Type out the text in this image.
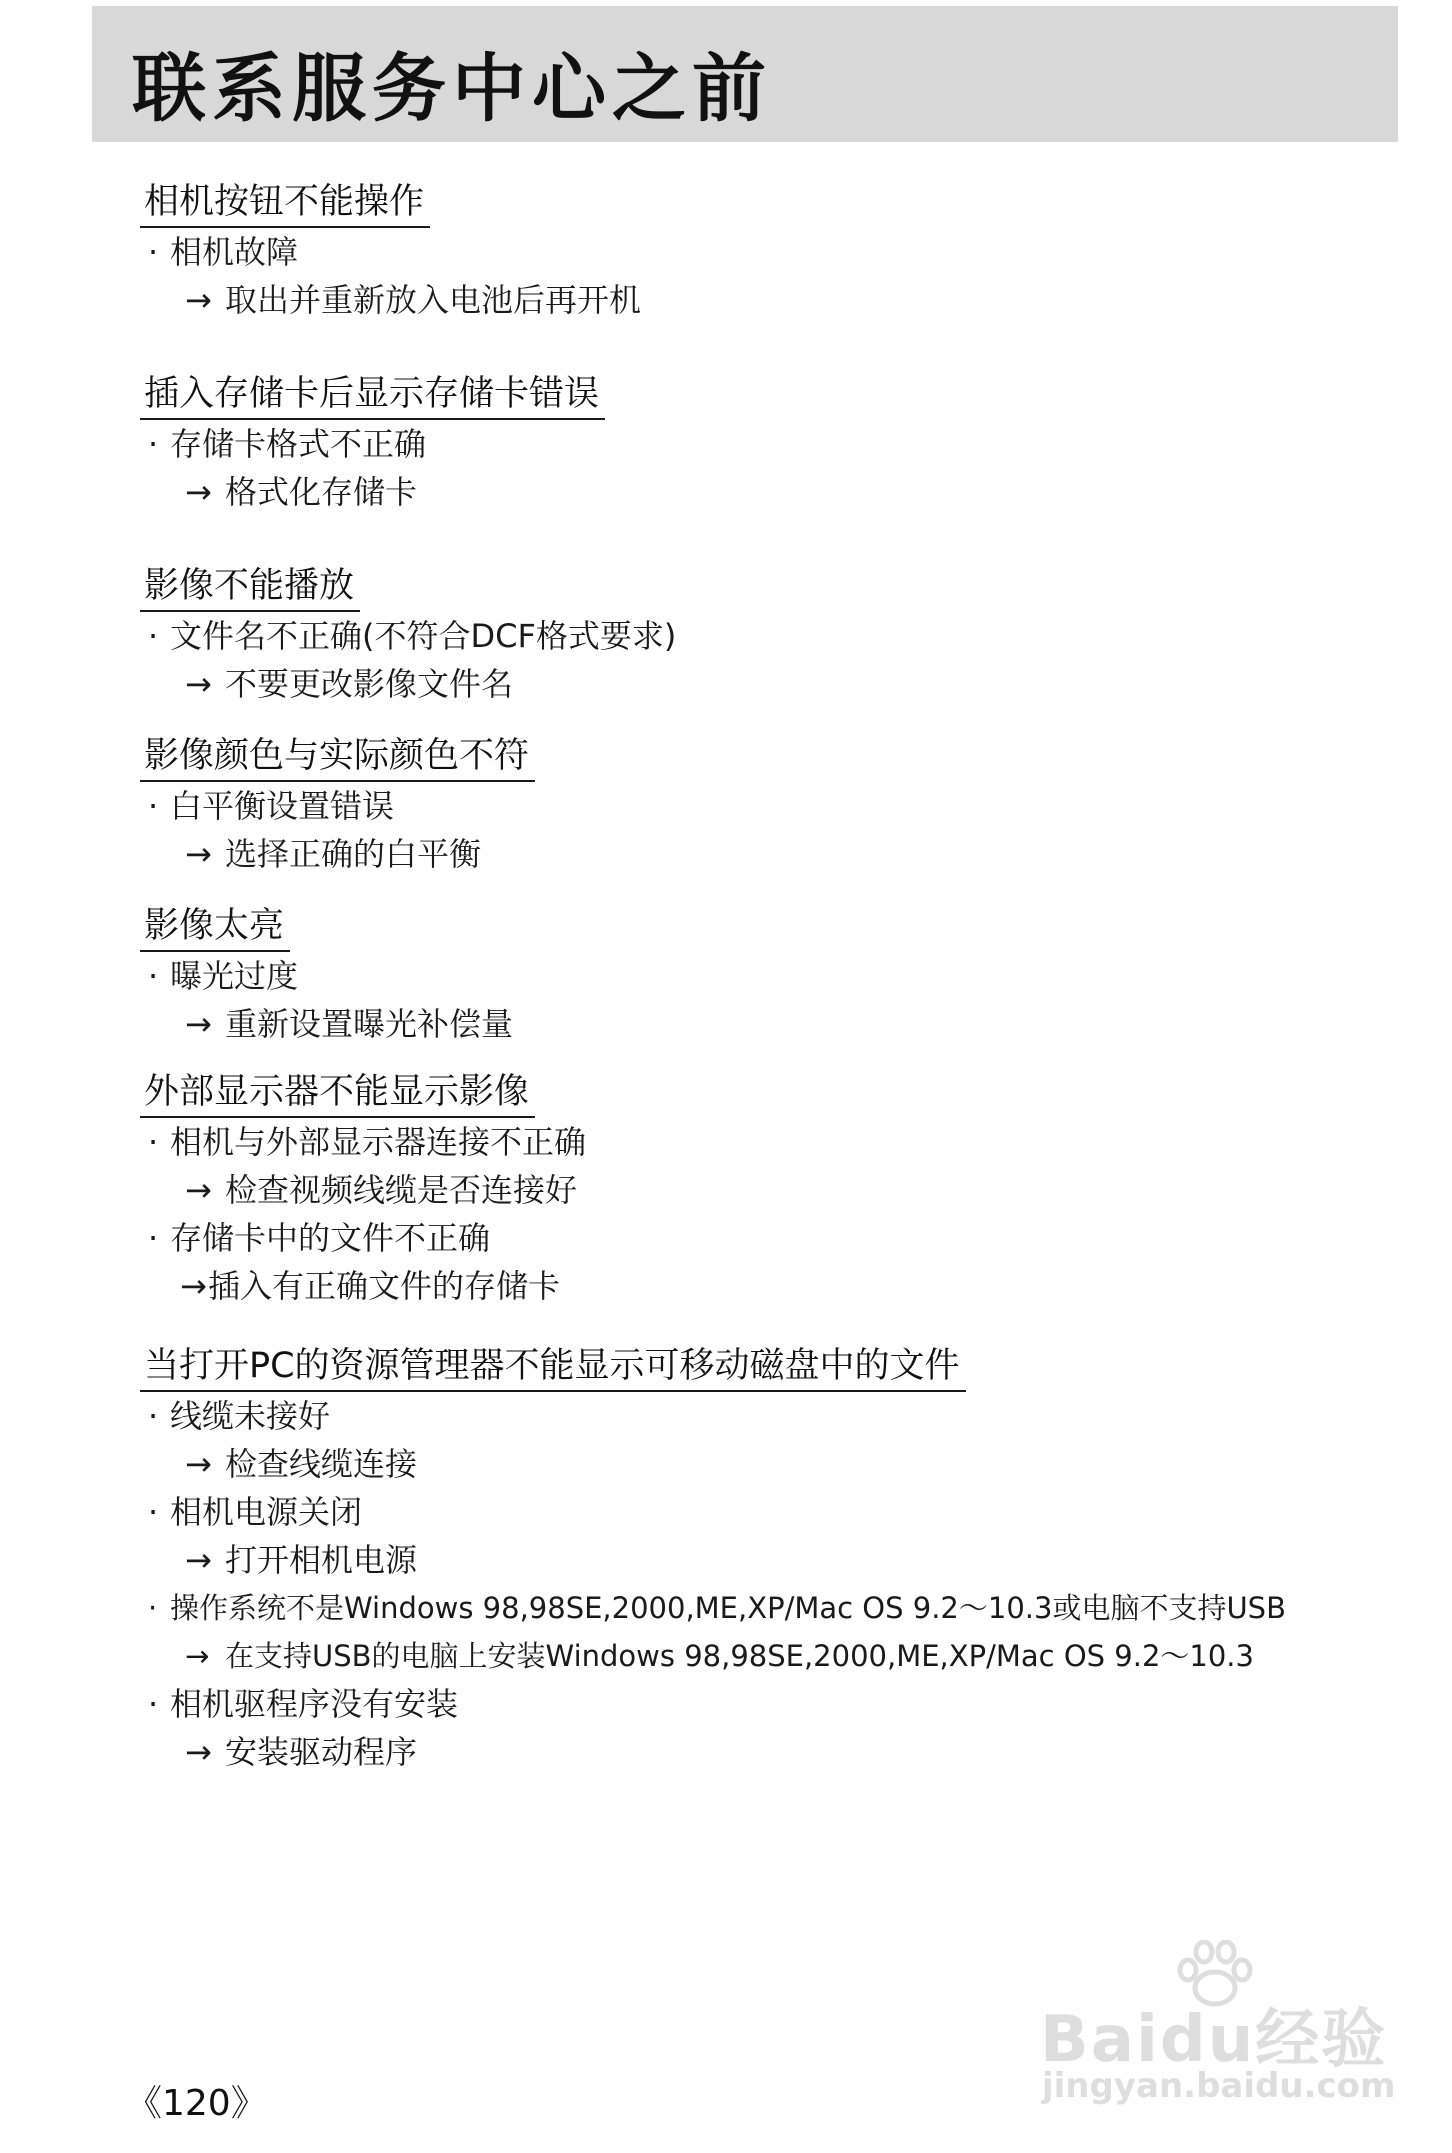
联系服务中心之前
相机按钮不能操作
· 相机故障
→ 取出并重新放入电池后再开机
插入存储卡后显示存储卡错误
· 存储卡格式不正确
→ 格式化存储卡
影像不能播放
· 文件名不正确(不符合DCF格式要求)
→ 不要更改影像文件名
影像颜色与实际颜色不符
· 白平衡设置错误
→ 选择正确的白平衡
影像太亮
· 曝光过度
→ 重新设置曝光补偿量
外部显示器不能显示影像
· 相机与外部显示器连接不正确
→ 检查视频线缆是否连接好
· 存储卡中的文件不正确
→插入有正确文件的存储卡
当打开PC的资源管理器不能显示可移动磁盘中的文件
· 线缆未接好
→ 检查线缆连接
· 相机电源关闭
→ 打开相机电源
· 操作系统不是Windows 98,98SE,2000,ME,XP/Mac OS 9.2～10.3或电脑不支持USB
→ 在支持USB的电脑上安装Windows 98,98SE,2000,ME,XP/Mac OS 9.2～10.3
· 相机驱程序没有安装
→ 安装驱动程序
《120》
Baidu经验
jingyan.baidu.com
